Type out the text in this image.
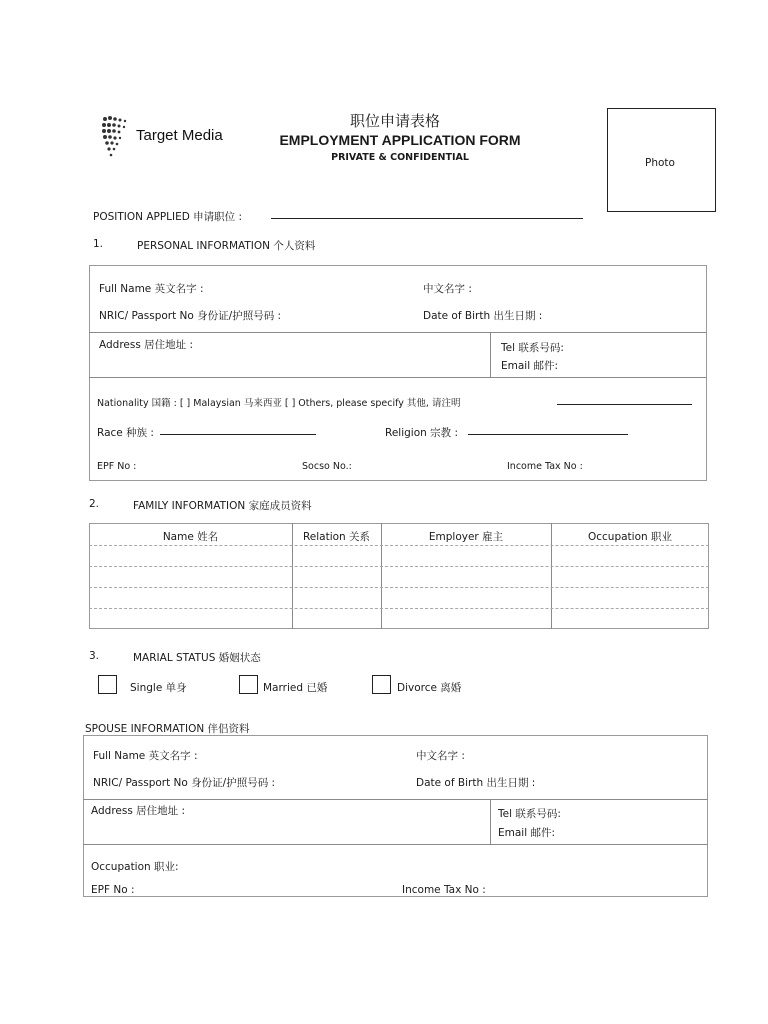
Target Media
职位申请表格
EMPLOYMENT APPLICATION FORM
PRIVATE & CONFIDENTIAL	Photo
POSITION APPLIED 申请职位 :
1.	PERSONAL INFORMATION 个人资料
Full Name 英文名字 :	中文名字 :
NRIC/ Passport No 身份证/护照号码 :	Date of Birth 出生日期 :
Address 居住地址 :	Tel 联系号码:
Email 邮件:
Nationality 国籍 : [ ] Malaysian 马来西亚 [ ] Others, please specify 其他, 请注明
Race 种族 :	Religion 宗教 :
EPF No :	Socso No.:	Income Tax No :
2.	FAMILY INFORMATION 家庭成员资料
Name 姓名	Relation 关系	Employer 雇主	Occupation 职业
3.	MARIAL STATUS 婚姻状态
Single 单身	Married 已婚	Divorce 离婚
SPOUSE INFORMATION 伴侣资料
Full Name 英文名字 :	中文名字 :
NRIC/ Passport No 身份证/护照号码 :	Date of Birth 出生日期 :
Address 居住地址 :	Tel 联系号码:
Email 邮件:
Occupation 职业:
EPF No :	Income Tax No :
